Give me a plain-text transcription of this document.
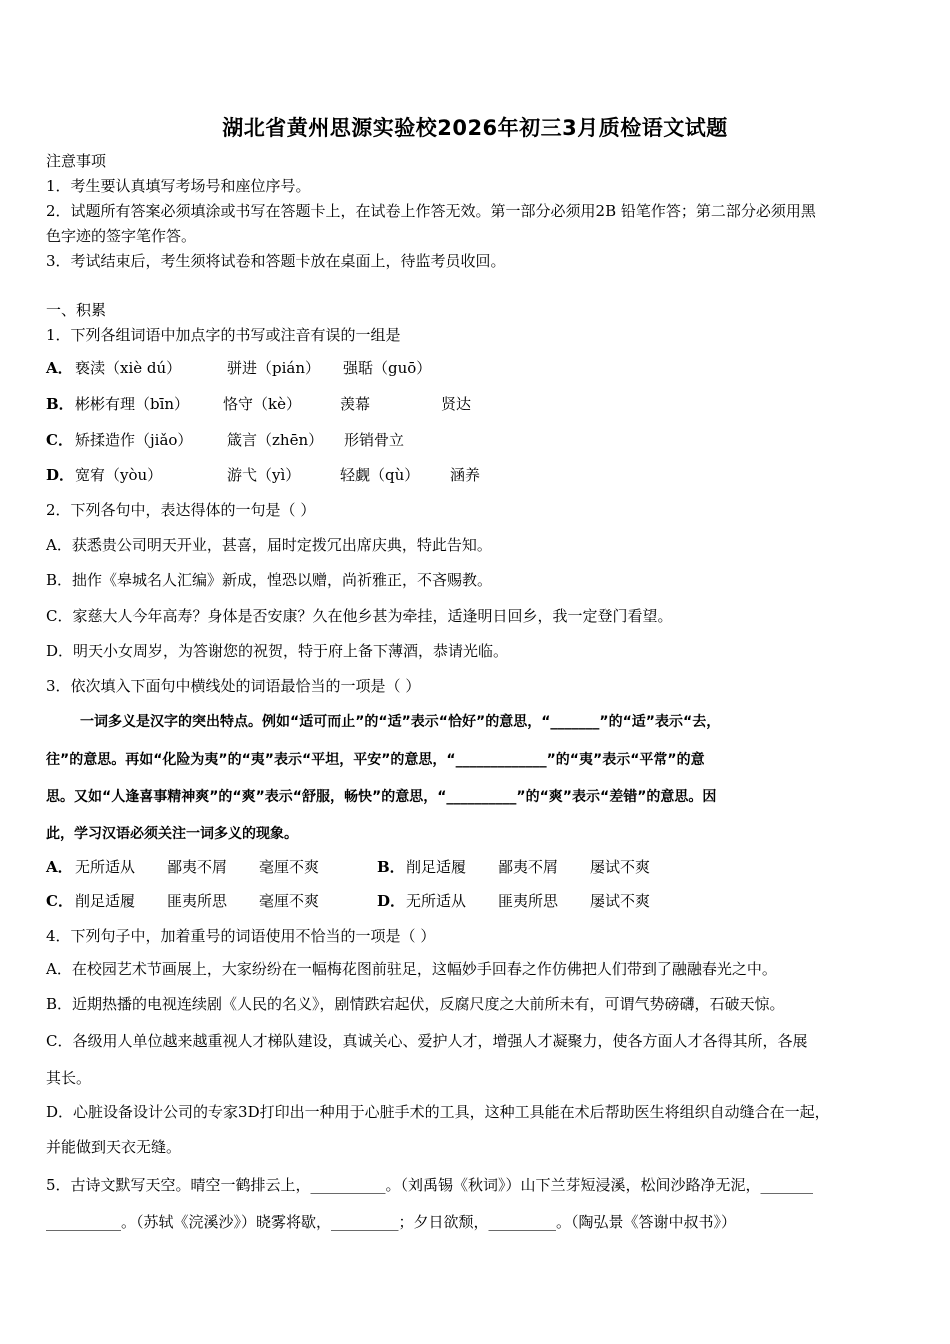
湖北省黄州思源实验校2026年初三3月质检语文试题
注意事项
1．考生要认真填写考场号和座位序号。
2．试题所有答案必须填涂或书写在答题卡上，在试卷上作答无效。第一部分必须用2B 铅笔作答；第二部分必须用黑
色字迹的签字笔作答。
3．考试结束后，考生须将试卷和答题卡放在桌面上，待监考员收回。
一、积累
1．下列各组词语中加点字的书写或注音有误的一组是
A． 亵渎（xiè dú）	骈进（pián） 强聒（guō）
B． 彬彬有理（bīn） 恪守（kè）	羡幕	贤达
C． 矫揉造作（jiǎo） 箴言（zhēn） 形销骨立
D． 宽宥（yòu）	游弋（yì）	轻觑（qù） 涵养
2．下列各句中，表达得体的一句是（ ）
A．获悉贵公司明天开业，甚喜，届时定拨冗出席庆典，特此告知。
B．拙作《皋城名人汇编》新成，惶恐以赠，尚祈雅正，不吝赐教。
C．家慈大人今年高寿？身体是否安康？久在他乡甚为牵挂，适逢明日回乡，我一定登门看望。
D．明天小女周岁，为答谢您的祝贺，特于府上备下薄酒，恭请光临。
3．依次填入下面句中横线处的词语最恰当的一项是（ ）
一词多义是汉字的突出特点。例如“适可而止”的“适”表示“恰好”的意思，“_______”的“适”表示“去，
往”的意思。再如“化险为夷”的“夷”表示“平坦，平安”的意思，“_____________”的“夷”表示“平常”的意
思。又如“人逢喜事精神爽”的“爽”表示“舒服，畅快”的意思，“__________”的“爽”表示“差错”的意思。因
此，学习汉语必须关注一词多义的现象。
A． 无所适从 鄙夷不屑 毫厘不爽	B． 削足适履 鄙夷不屑 屡试不爽
C． 削足适履 匪夷所思 毫厘不爽	D． 无所适从 匪夷所思 屡试不爽
4．下列句子中，加着重号的词语使用不恰当的一项是（ ）
A．在校园艺术节画展上，大家纷纷在一幅梅花图前驻足，这幅妙手回春之作仿佛把人们带到了融融春光之中。
B．近期热播的电视连续剧《人民的名义》，剧情跌宕起伏，反腐尺度之大前所未有，可谓气势磅礴，石破天惊。
C．各级用人单位越来越重视人才梯队建设，真诚关心、爱护人才，增强人才凝聚力，使各方面人才各得其所，各展
其长。
D．心脏设备设计公司的专家3D打印出一种用于心脏手术的工具，这种工具能在术后帮助医生将组织自动缝合在一起，
并能做到天衣无缝。
5．古诗文默写天空。晴空一鹤排云上，__________。（刘禹锡《秋词》）山下兰芽短浸溪，松间沙路净无泥，_______
__________。（苏轼《浣溪沙》）晓雾将歇，_________；夕日欲颓，_________。（陶弘景《答谢中叔书》）
